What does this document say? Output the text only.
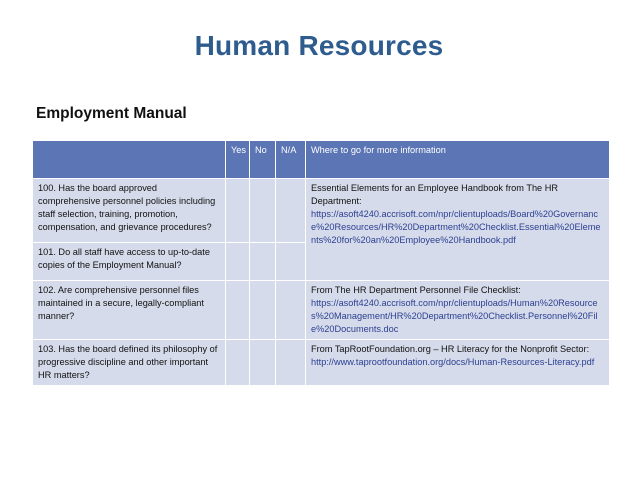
Human Resources
Employment Manual
	Yes	No	N/A	Where to go for more information
100. Has the board approved comprehensive personnel policies including staff selection, training, promotion, compensation, and grievance procedures?				Essential Elements for an Employee Handbook from The HR Department:
https://asoft4240.accrisoft.com/npr/clientuploads/Board%20Governance%20Resources/HR%20Department%20Checklist.Essential%20Elements%20for%20an%20Employee%20Handbook.pdf
101. Do all staff have access to up-to-date copies of the Employment Manual?				
102. Are comprehensive personnel files maintained in a secure, legally-compliant manner?				From The HR Department Personnel File Checklist:
https://asoft4240.accrisoft.com/npr/clientuploads/Human%20Resources%20Management/HR%20Department%20Checklist.Personnel%20File%20Documents.doc
103. Has the board defined its philosophy of progressive discipline and other important HR matters?				From TapRootFoundation.org – HR Literacy for the Nonprofit Sector:
http://www.taprootfoundation.org/docs/Human-Resources-Literacy.pdf
